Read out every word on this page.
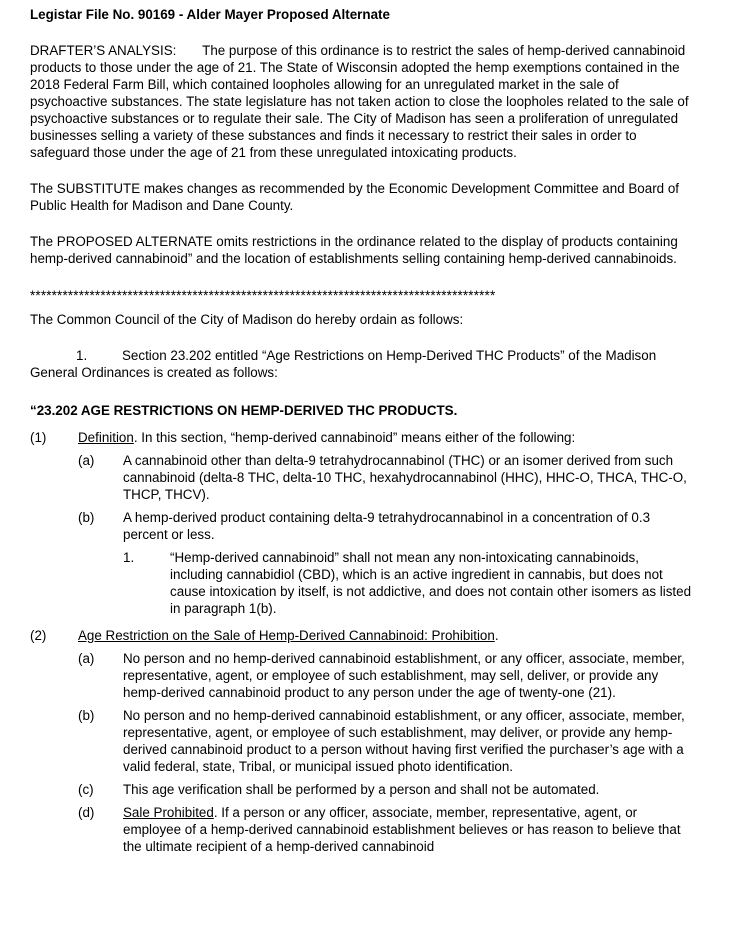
Legistar File No. 90169 - Alder Mayer Proposed Alternate

DRAFTER’S ANALYSIS:       The purpose of this ordinance is to restrict the sales of hemp-derived cannabinoid products to those under the age of 21. The State of Wisconsin adopted the hemp exemptions contained in the 2018 Federal Farm Bill, which contained loopholes allowing for an unregulated market in the sale of psychoactive substances. The state legislature has not taken action to close the loopholes related to the sale of psychoactive substances or to regulate their sale. The City of Madison has seen a proliferation of unregulated businesses selling a variety of these substances and finds it necessary to restrict their sales in order to safeguard those under the age of 21 from these unregulated intoxicating products.

The SUBSTITUTE makes changes as recommended by the Economic Development Committee and Board of Public Health for Madison and Dane County.

The PROPOSED ALTERNATE omits restrictions in the ordinance related to the display of products containing hemp-derived cannabinoid” and the location of establishments selling containing hemp-derived cannabinoids.

**************************************************************************************

The Common Council of the City of Madison do hereby ordain as follows:

	1.	Section 23.202 entitled “Age Restrictions on Hemp-Derived THC Products” of the Madison General Ordinances is created as follows:

“23.202 AGE RESTRICTIONS ON HEMP-DERIVED THC PRODUCTS.

(1)	Definition. In this section, “hemp-derived cannabinoid” means either of the following:
(a)	A cannabinoid other than delta-9 tetrahydrocannabinol (THC) or an isomer derived from such cannabinoid (delta-8 THC, delta-10 THC, hexahydrocannabinol (HHC), HHC-O, THCA, THC-O, THCP, THCV).
(b)	A hemp-derived product containing delta-9 tetrahydrocannabinol in a concentration of 0.3 percent or less.
1.	“Hemp-derived cannabinoid” shall not mean any non-intoxicating cannabinoids, including cannabidiol (CBD), which is an active ingredient in cannabis, but does not cause intoxication by itself, is not addictive, and does not contain other isomers as listed in paragraph 1(b).
(2)	Age Restriction on the Sale of Hemp-Derived Cannabinoid: Prohibition.
(a)	No person and no hemp-derived cannabinoid establishment, or any officer, associate, member, representative, agent, or employee of such establishment, may sell, deliver, or provide any hemp-derived cannabinoid product to any person under the age of twenty-one (21).
(b)	No person and no hemp-derived cannabinoid establishment, or any officer, associate, member, representative, agent, or employee of such establishment, may deliver, or provide any hemp-derived cannabinoid product to a person without having first verified the purchaser’s age with a valid federal, state, Tribal, or municipal issued photo identification.
(c)	This age verification shall be performed by a person and shall not be automated.
(d)	Sale Prohibited. If a person or any officer, associate, member, representative, agent, or employee of a hemp-derived cannabinoid establishment believes or has reason to believe that the ultimate recipient of a hemp-derived cannabinoid
